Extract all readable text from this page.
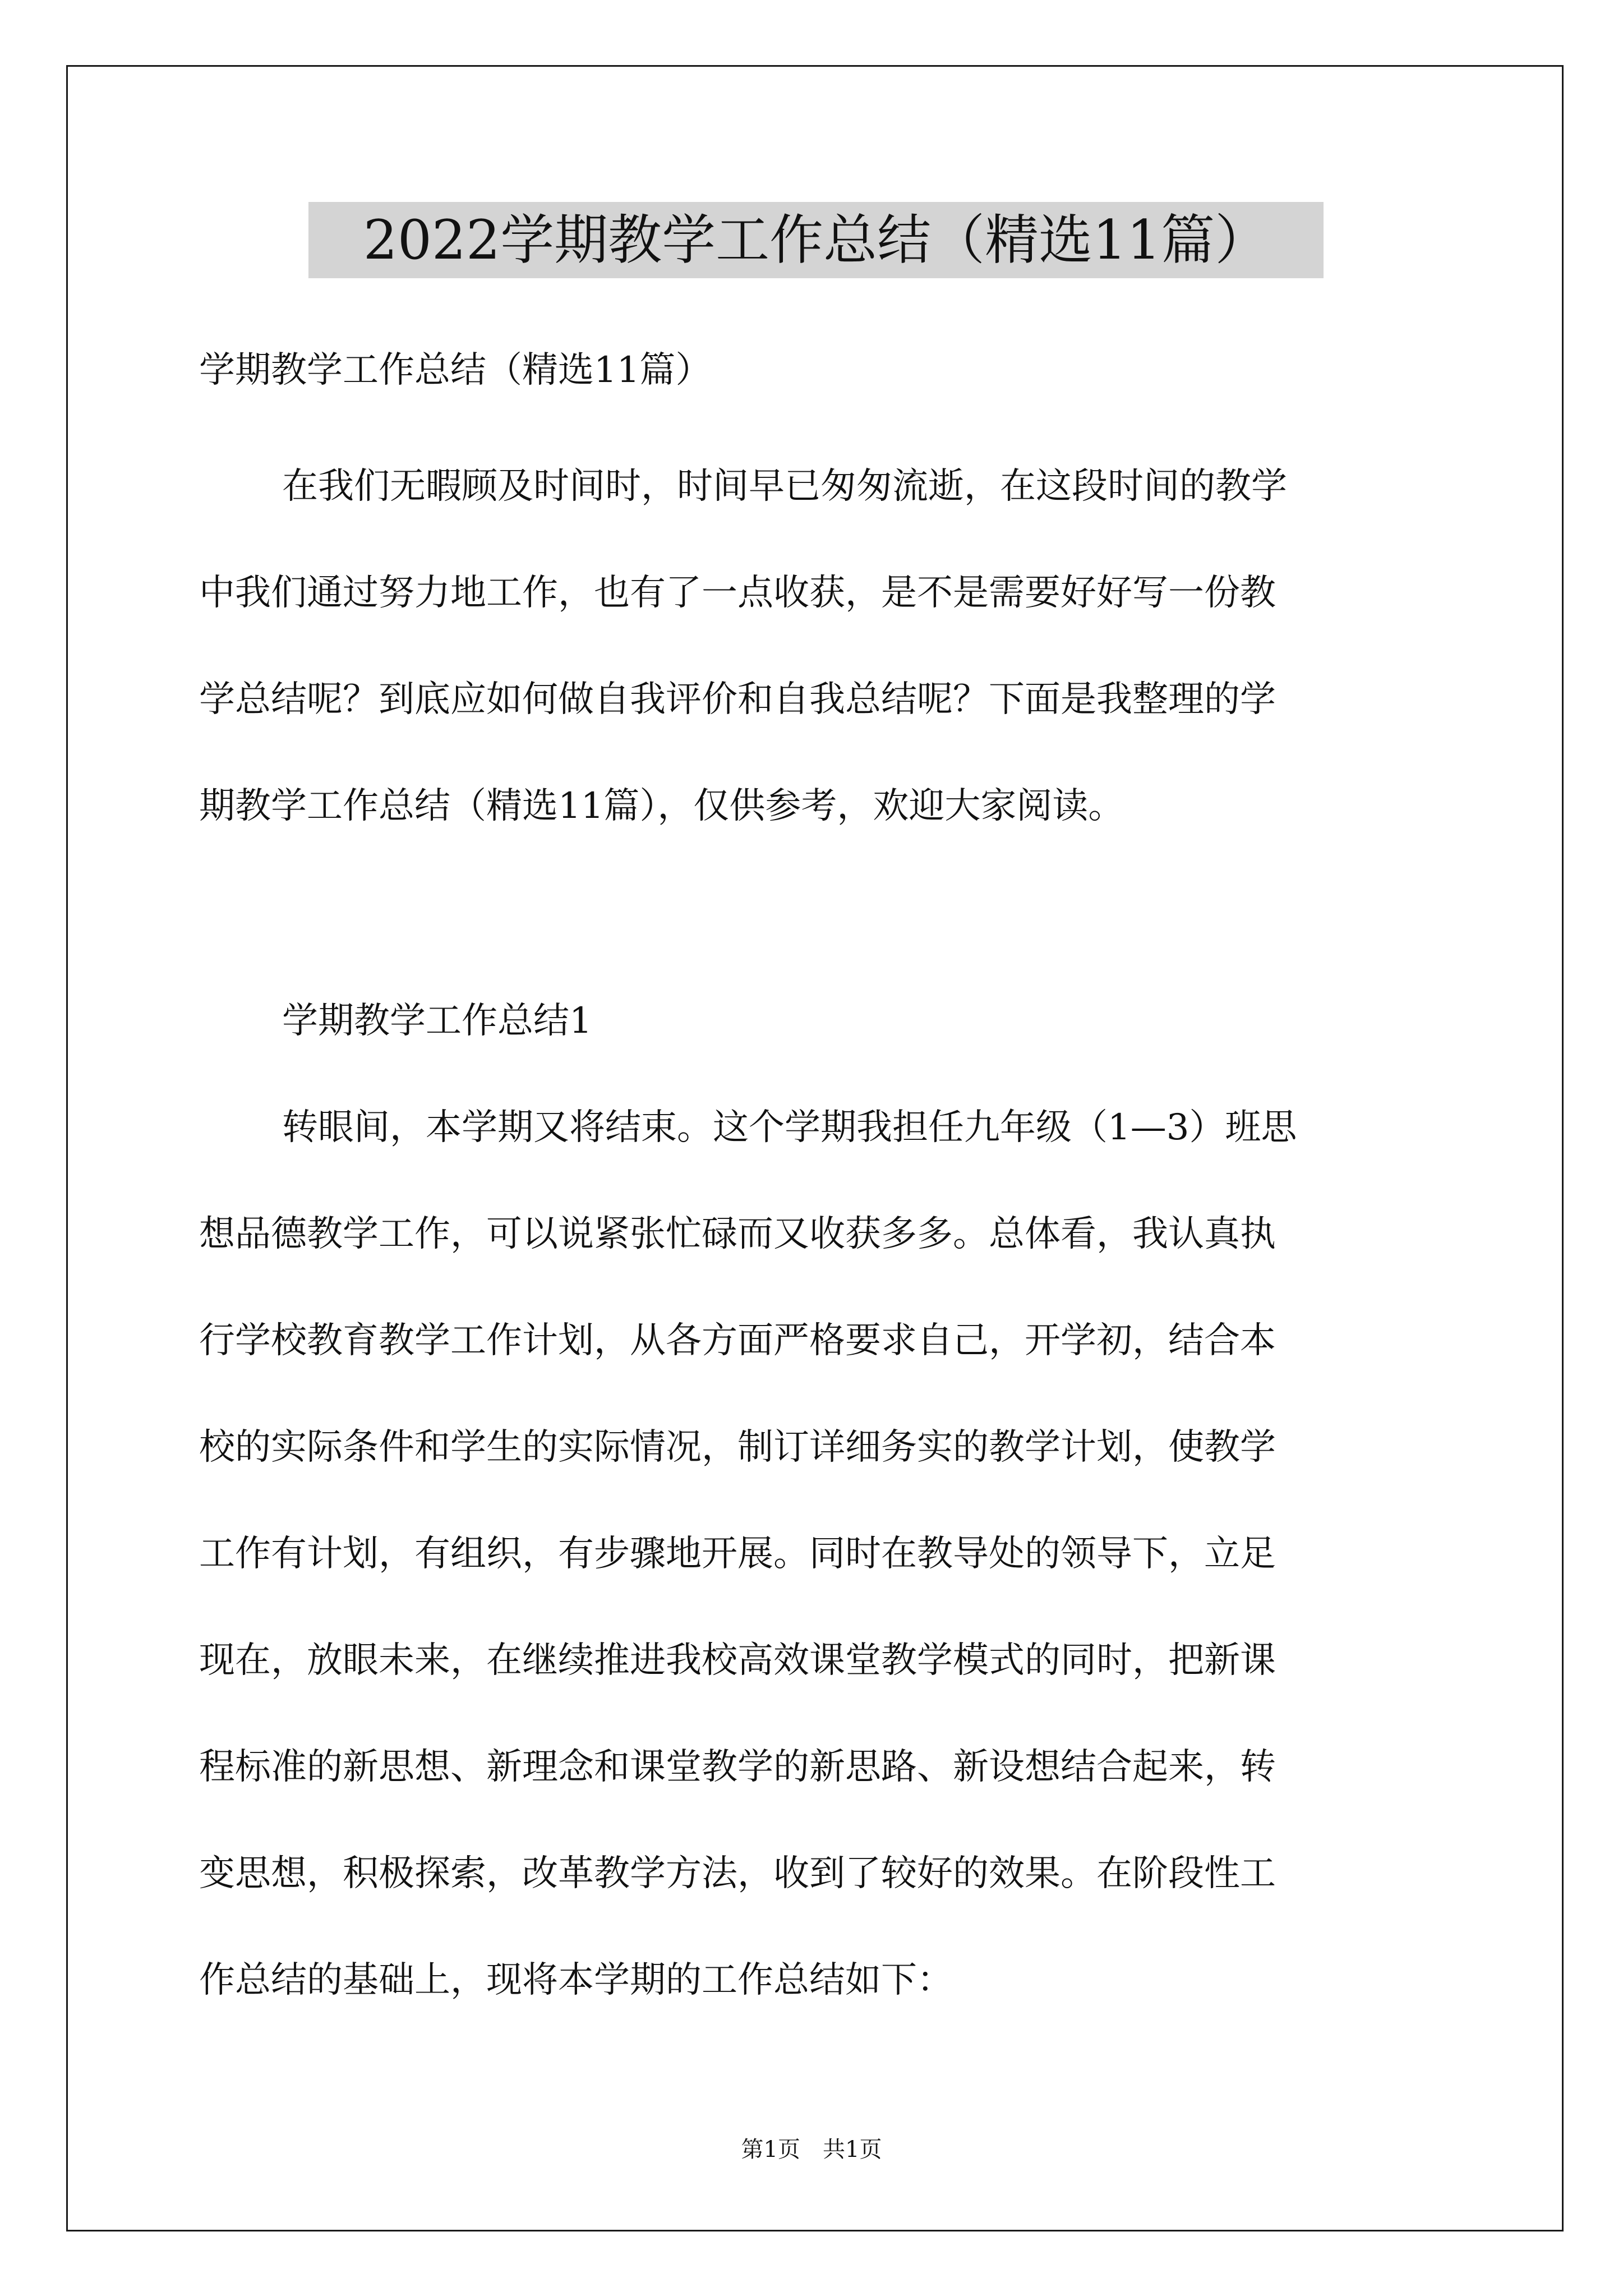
2022学期教学工作总结（精选11篇）
学期教学工作总结（精选11篇）
在我们无暇顾及时间时，时间早已匆匆流逝，在这段时间的教学
中我们通过努力地工作，也有了一点收获，是不是需要好好写一份教
学总结呢？到底应如何做自我评价和自我总结呢？下面是我整理的学
期教学工作总结（精选11篇），仅供参考，欢迎大家阅读。
学期教学工作总结1
转眼间，本学期又将结束。这个学期我担任九年级（1—3）班思
想品德教学工作，可以说紧张忙碌而又收获多多。总体看，我认真执
行学校教育教学工作计划，从各方面严格要求自己，开学初，结合本
校的实际条件和学生的实际情况，制订详细务实的教学计划，使教学
工作有计划，有组织，有步骤地开展。同时在教导处的领导下，立足
现在，放眼未来，在继续推进我校高效课堂教学模式的同时，把新课
程标准的新思想、新理念和课堂教学的新思路、新设想结合起来，转
变思想，积极探索，改革教学方法，收到了较好的效果。在阶段性工
作总结的基础上，现将本学期的工作总结如下：
第1页　共1页
